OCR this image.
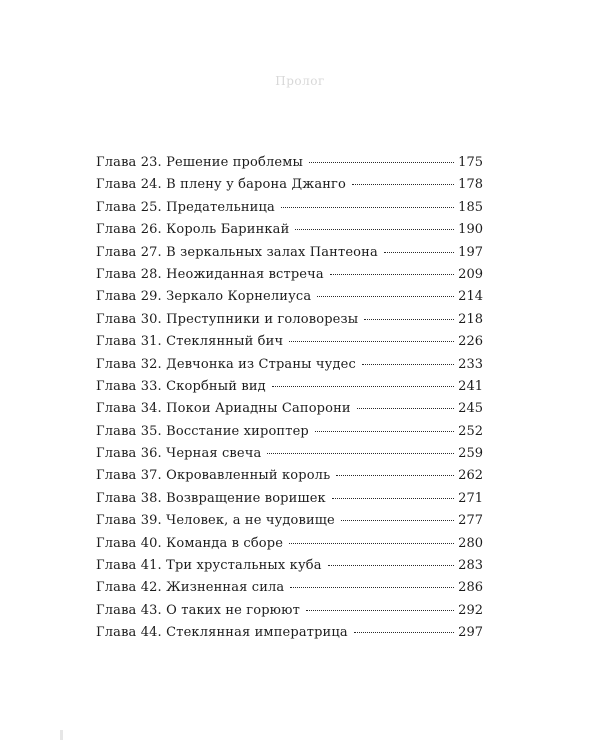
Пролог
Глава 23. Решение проблемы	175
Глава 24. В плену у барона Джанго	178
Глава 25. Предательница	185
Глава 26. Король Баринкай	190
Глава 27. В зеркальных залах Пантеона	197
Глава 28. Неожиданная встреча	209
Глава 29. Зеркало Корнелиуса	214
Глава 30. Преступники и головорезы	218
Глава 31. Стеклянный бич	226
Глава 32. Девчонка из Страны чудес	233
Глава 33. Скорбный вид	241
Глава 34. Покои Ариадны Сапорони	245
Глава 35. Восстание хироптер	252
Глава 36. Черная свеча	259
Глава 37. Окровавленный король	262
Глава 38. Возвращение воришек	271
Глава 39. Человек, а не чудовище	277
Глава 40. Команда в сборе	280
Глава 41. Три хрустальных куба	283
Глава 42. Жизненная сила	286
Глава 43. О таких не горюют	292
Глава 44. Стеклянная императрица	297
